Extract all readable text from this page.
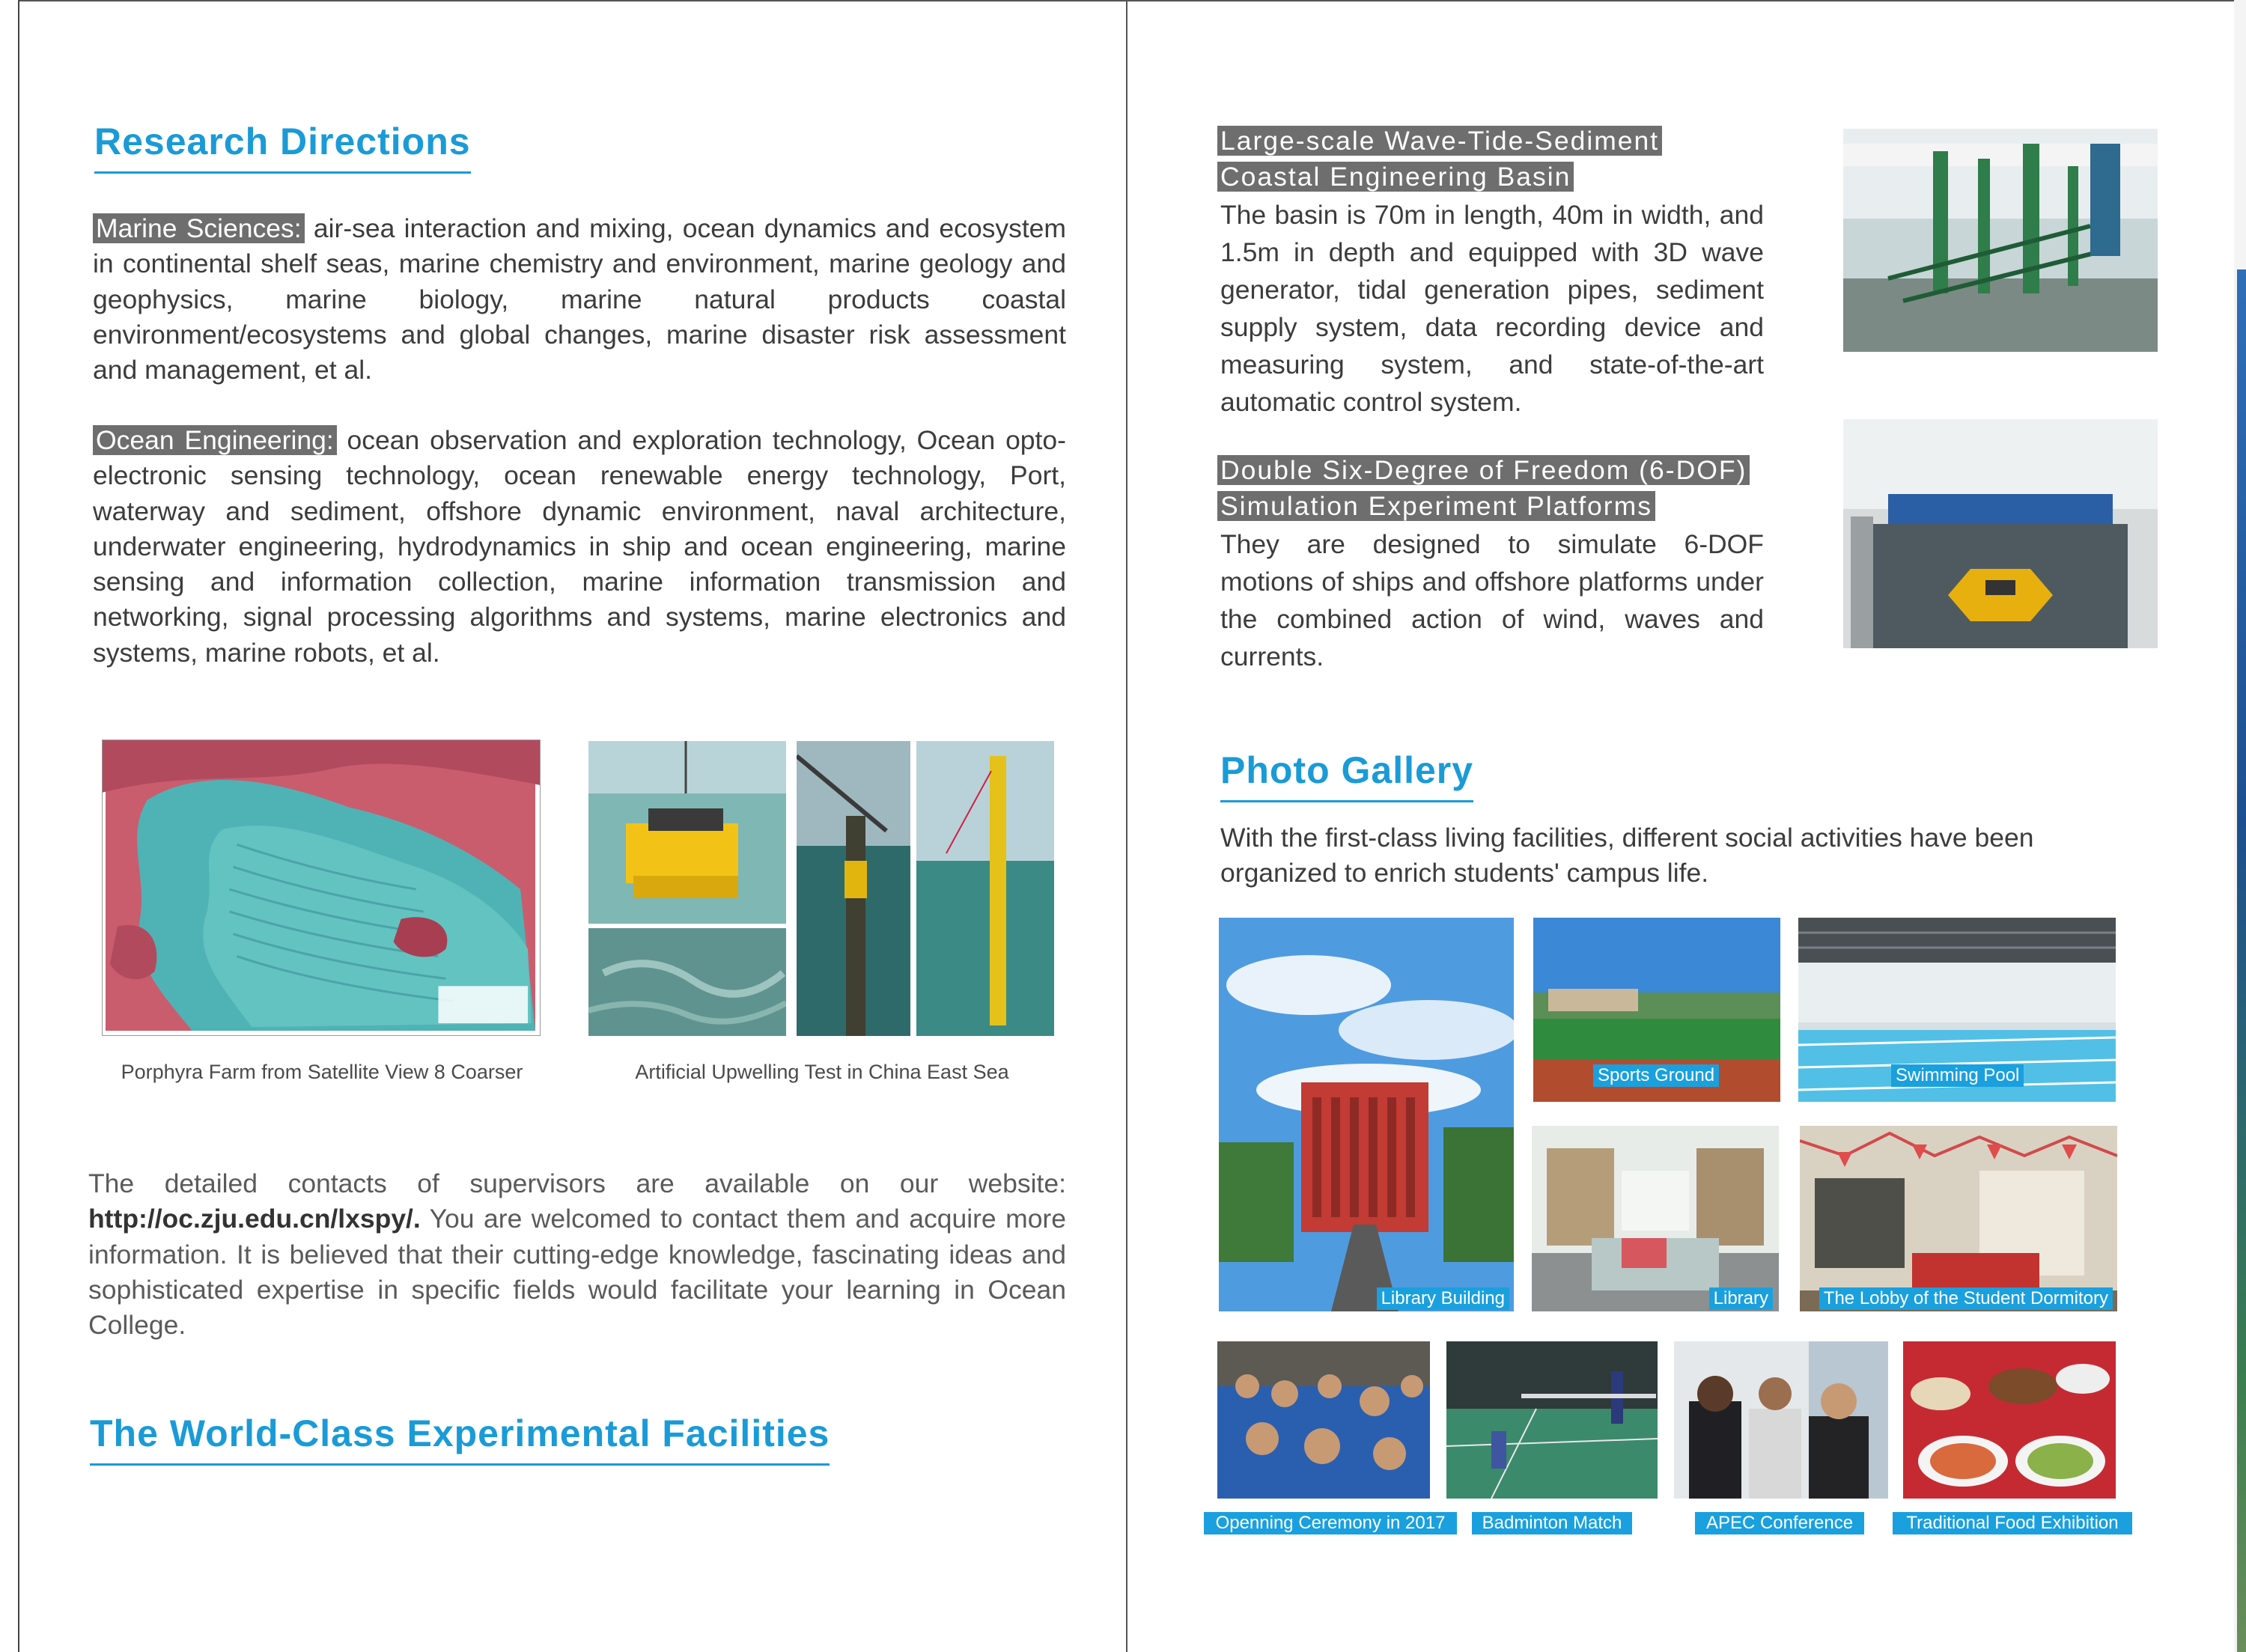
Research Directions
Marine Sciences: air-sea interaction and mixing, ocean dynamics and ecosystem in continental shelf seas, marine chemistry and environment, marine geology and geophysics, marine biology, marine natural products coastal environment/ecosystems and global changes, marine disaster risk assessment and management, et al.
Ocean Engineering: ocean observation and exploration technology, Ocean opto-electronic sensing technology, ocean renewable energy technology, Port, waterway and sediment, offshore dynamic environment, naval architecture, underwater engineering, hydrodynamics in ship and ocean engineering, marine sensing and information collection, marine information transmission and networking, signal processing algorithms and systems, marine electronics and systems, marine robots, et al.
Porphyra Farm from Satellite View 8 Coarser	Artificial Upwelling Test in China East Sea
The detailed contacts of supervisors are available on our website: http://oc.zju.edu.cn/lxspy/. You are welcomed to contact them and acquire more information. It is believed that their cutting-edge knowledge, fascinating ideas and sophisticated expertise in specific fields would facilitate your learning in Ocean College.
The World-Class Experimental Facilities
Large-scale Wave-Tide-Sediment
Coastal Engineering Basin
The basin is 70m in length, 40m in width, and 1.5m in depth and equipped with 3D wave generator, tidal generation pipes, sediment supply system, data recording device and measuring system, and state-of-the-art automatic control system.
Double Six-Degree of Freedom (6-DOF)
Simulation Experiment Platforms
They are designed to simulate 6-DOF motions of ships and offshore platforms under the combined action of wind, waves and currents.
Photo Gallery
With the first-class living facilities, different social activities have been organized to enrich students' campus life.
Library Building
Sports Ground	Swimming Pool
Library	The Lobby of the Student Dormitory
Openning Ceremony in 2017	Badminton Match	APEC Conference	Traditional Food Exhibition
